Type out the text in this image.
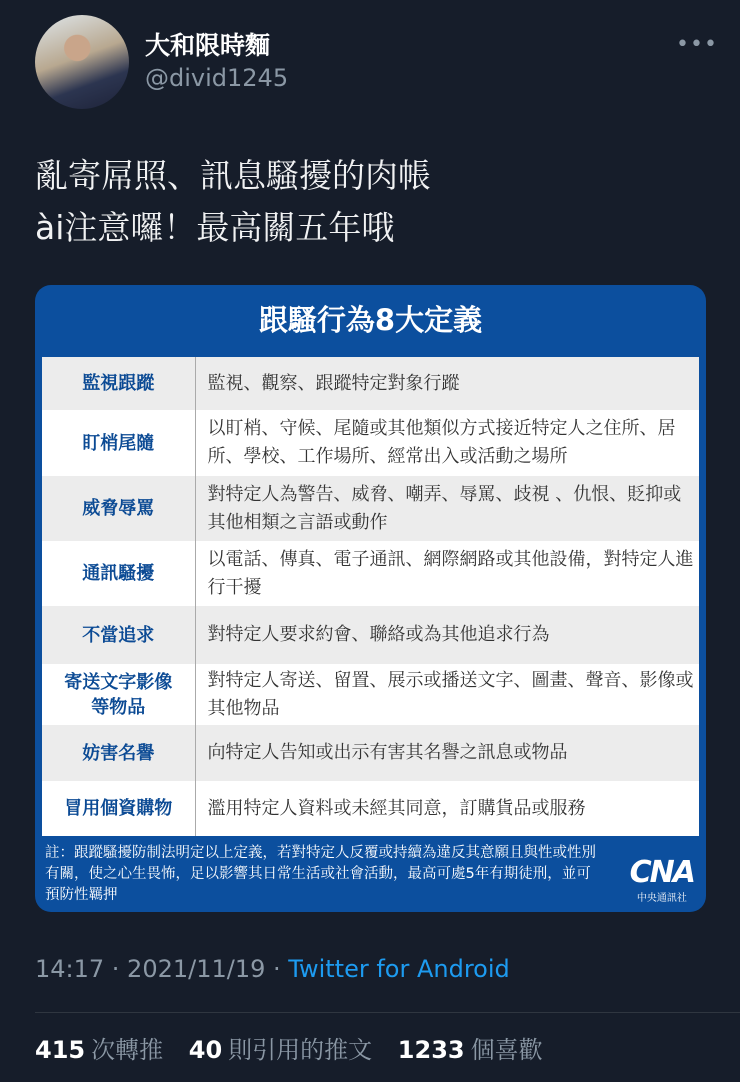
大和限時麵
@divid1245
•••
亂寄屌照、訊息騷擾的肉帳
ài注意囉！最高關五年哦
跟騷行為8大定義
監視跟蹤	監視、觀察、跟蹤特定對象行蹤
盯梢尾隨	以盯梢、守候、尾隨或其他類似方式接近特定人之住所、居所、學校、工作場所、經常出入或活動之場所
威脅辱罵	對特定人為警告、威脅、嘲弄、辱罵、歧視 、仇恨、貶抑或其他相類之言語或動作
通訊騷擾	以電話、傳真、電子通訊、網際網路或其他設備，對特定人進行干擾
不當追求	對特定人要求約會、聯絡或為其他追求行為
寄送文字影像等物品	對特定人寄送、留置、展示或播送文字、圖畫、聲音、影像或其他物品
妨害名譽	向特定人告知或出示有害其名譽之訊息或物品
冒用個資購物	濫用特定人資料或未經其同意，訂購貨品或服務
註：跟蹤騷擾防制法明定以上定義，若對特定人反覆或持續為違反其意願且與性或性別有關，使之心生畏怖，足以影響其日常生活或社會活動，最高可處5年有期徒刑，並可預防性羈押
CNA
中央通訊社
14:17 · 2021/11/19 · Twitter for Android
415 次轉推 40 則引用的推文 1233 個喜歡
